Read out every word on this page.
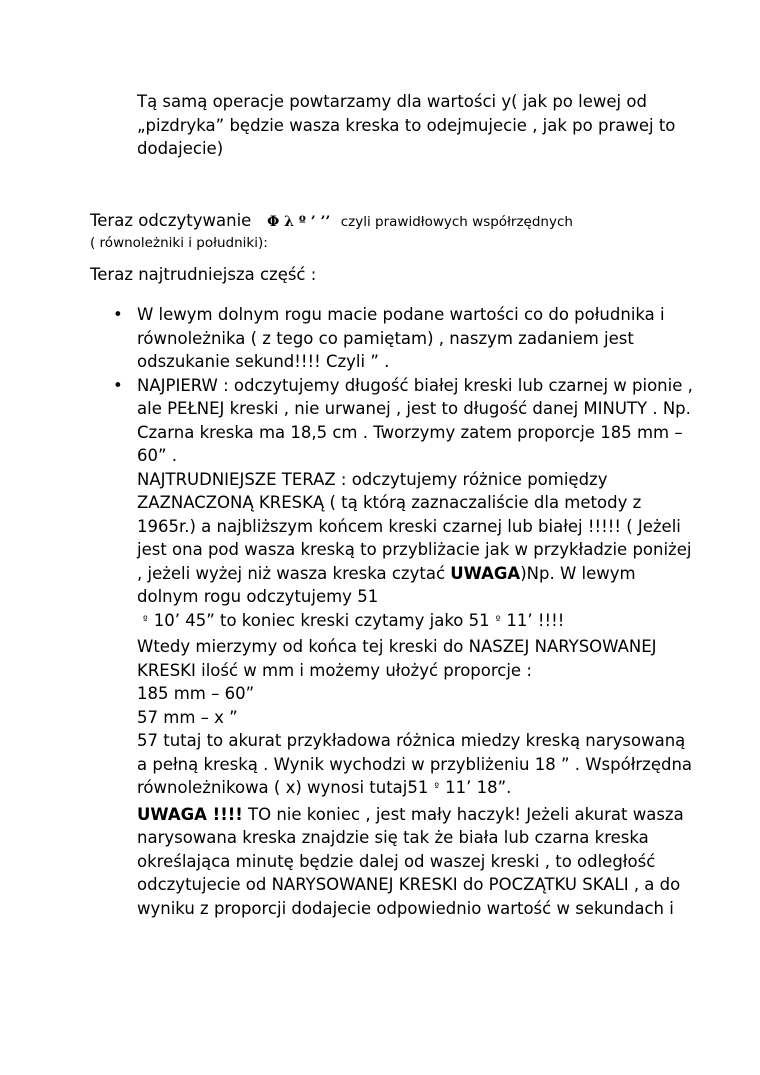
Tą samą operacje powtarzamy dla wartości y( jak po lewej od „pizdryka” będzie wasza kreska to odejmujecie , jak po prawej to dodajecie)
Teraz odczytywanie Φ λ º ’ ’’ czyli prawidłowych współrzędnych
( równoleżniki i południki):
Teraz najtrudniejsza część :
• W lewym dolnym rogu macie podane wartości co do południka i równoleżnika ( z tego co pamiętam) , naszym zadaniem jest odszukanie sekund!!!! Czyli ” .
• NAJPIERW : odczytujemy długość białej kreski lub czarnej w pionie , ale PEŁNEJ kreski , nie urwanej , jest to długość danej MINUTY . Np. Czarna kreska ma 18,5 cm . Tworzymy zatem proporcje 185 mm – 60” .
NAJTRUDNIEJSZE TERAZ : odczytujemy różnice pomiędzy ZAZNACZONĄ KRESKĄ ( tą którą zaznaczaliście dla metody z 1965r.) a najbliższym końcem kreski czarnej lub białej !!!!! ( Jeżeli jest ona pod wasza kreską to przybliżacie jak w przykładzie poniżej , jeżeli wyżej niż wasza kreska czytać UWAGA)Np. W lewym dolnym rogu odczytujemy 51
º 10’ 45” to koniec kreski czytamy jako 51 º 11’ !!!!
Wtedy mierzymy od końca tej kreski do NASZEJ NARYSOWANEJ KRESKI ilość w mm i możemy ułożyć proporcje :
185 mm – 60”
57 mm – x ”
57 tutaj to akurat przykładowa różnica miedzy kreską narysowaną a pełną kreską . Wynik wychodzi w przybliżeniu 18 ” . Współrzędna równoleżnikowa ( x) wynosi tutaj51 º 11’ 18”.
UWAGA !!!! TO nie koniec , jest mały haczyk! Jeżeli akurat wasza narysowana kreska znajdzie się tak że biała lub czarna kreska określająca minutę będzie dalej od waszej kreski , to odległość odczytujecie od NARYSOWANEJ KRESKI do POCZĄTKU SKALI , a do wyniku z proporcji dodajecie odpowiednio wartość w sekundach i
